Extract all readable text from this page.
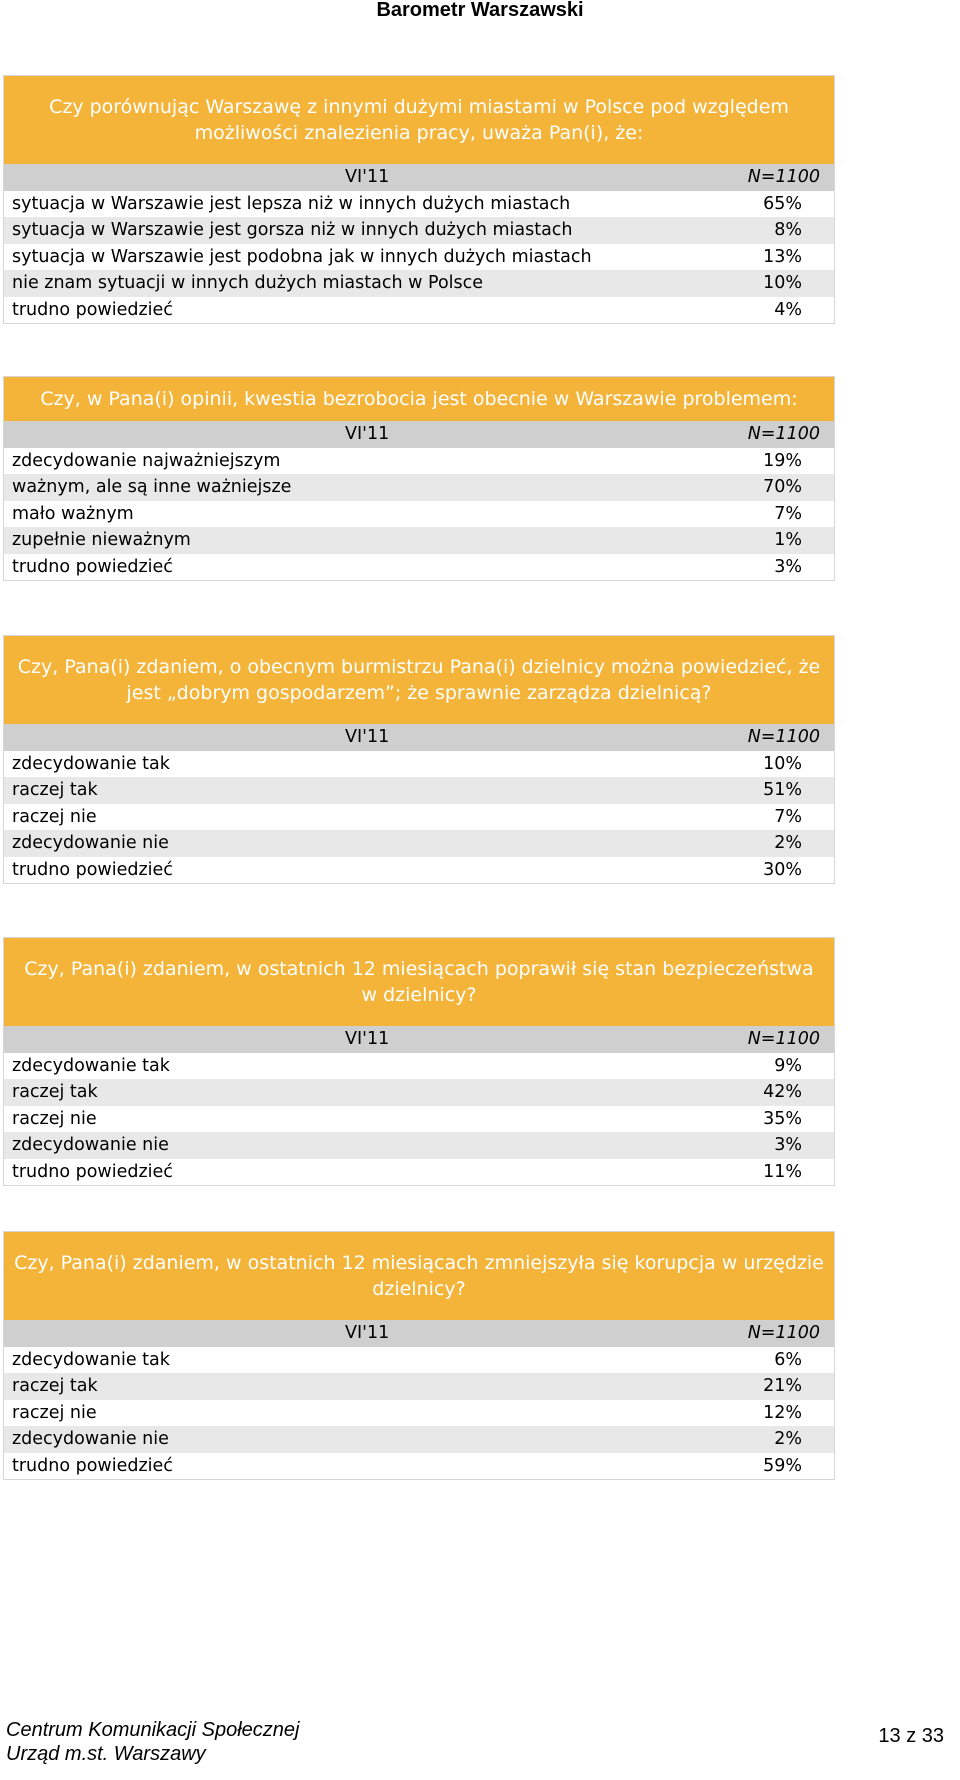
Barometr Warszawski
Czy porównując Warszawę z innymi dużymi miastami w Polsce pod względem możliwości znalezienia pracy, uważa Pan(i), że:
VI'11	N=1100
sytuacja w Warszawie jest lepsza niż w innych dużych miastach	65%
sytuacja w Warszawie jest gorsza niż w innych dużych miastach	8%
sytuacja w Warszawie jest podobna jak w innych dużych miastach	13%
nie znam sytuacji w innych dużych miastach w Polsce	10%
trudno powiedzieć	4%
Czy, w Pana(i) opinii, kwestia bezrobocia jest obecnie w Warszawie problemem:
VI'11	N=1100
zdecydowanie najważniejszym	19%
ważnym, ale są inne ważniejsze	70%
mało ważnym	7%
zupełnie nieważnym	1%
trudno powiedzieć	3%
Czy, Pana(i) zdaniem, o obecnym burmistrzu Pana(i) dzielnicy można powiedzieć, że jest „dobrym gospodarzem”; że sprawnie zarządza dzielnicą?
VI'11	N=1100
zdecydowanie tak	10%
raczej tak	51%
raczej nie	7%
zdecydowanie nie	2%
trudno powiedzieć	30%
Czy, Pana(i) zdaniem, w ostatnich 12 miesiącach poprawił się stan bezpieczeństwa w dzielnicy?
VI'11	N=1100
zdecydowanie tak	9%
raczej tak	42%
raczej nie	35%
zdecydowanie nie	3%
trudno powiedzieć	11%
Czy, Pana(i) zdaniem, w ostatnich 12 miesiącach zmniejszyła się korupcja w urzędzie dzielnicy?
VI'11	N=1100
zdecydowanie tak	6%
raczej tak	21%
raczej nie	12%
zdecydowanie nie	2%
trudno powiedzieć	59%
Centrum Komunikacji Społecznej
Urząd m.st. Warszawy
13 z 33
